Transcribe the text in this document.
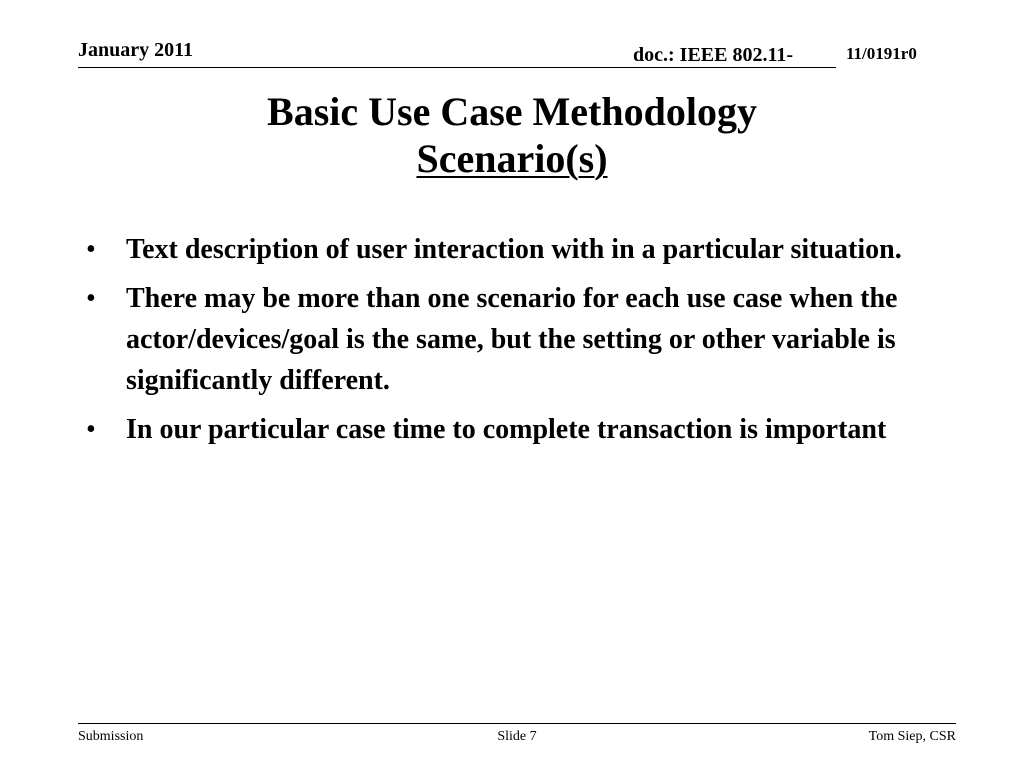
January 2011	doc.: IEEE 802.11-	11/0191r0
Basic Use Case Methodology
Scenario(s)
•	Text description of user interaction with in a particular situation.
•	There may be more than one scenario for each use case when the actor/devices/goal is the same, but the setting or other variable is significantly different.
•	In our particular case time to complete transaction is important
Submission	Slide 7	Tom Siep, CSR
